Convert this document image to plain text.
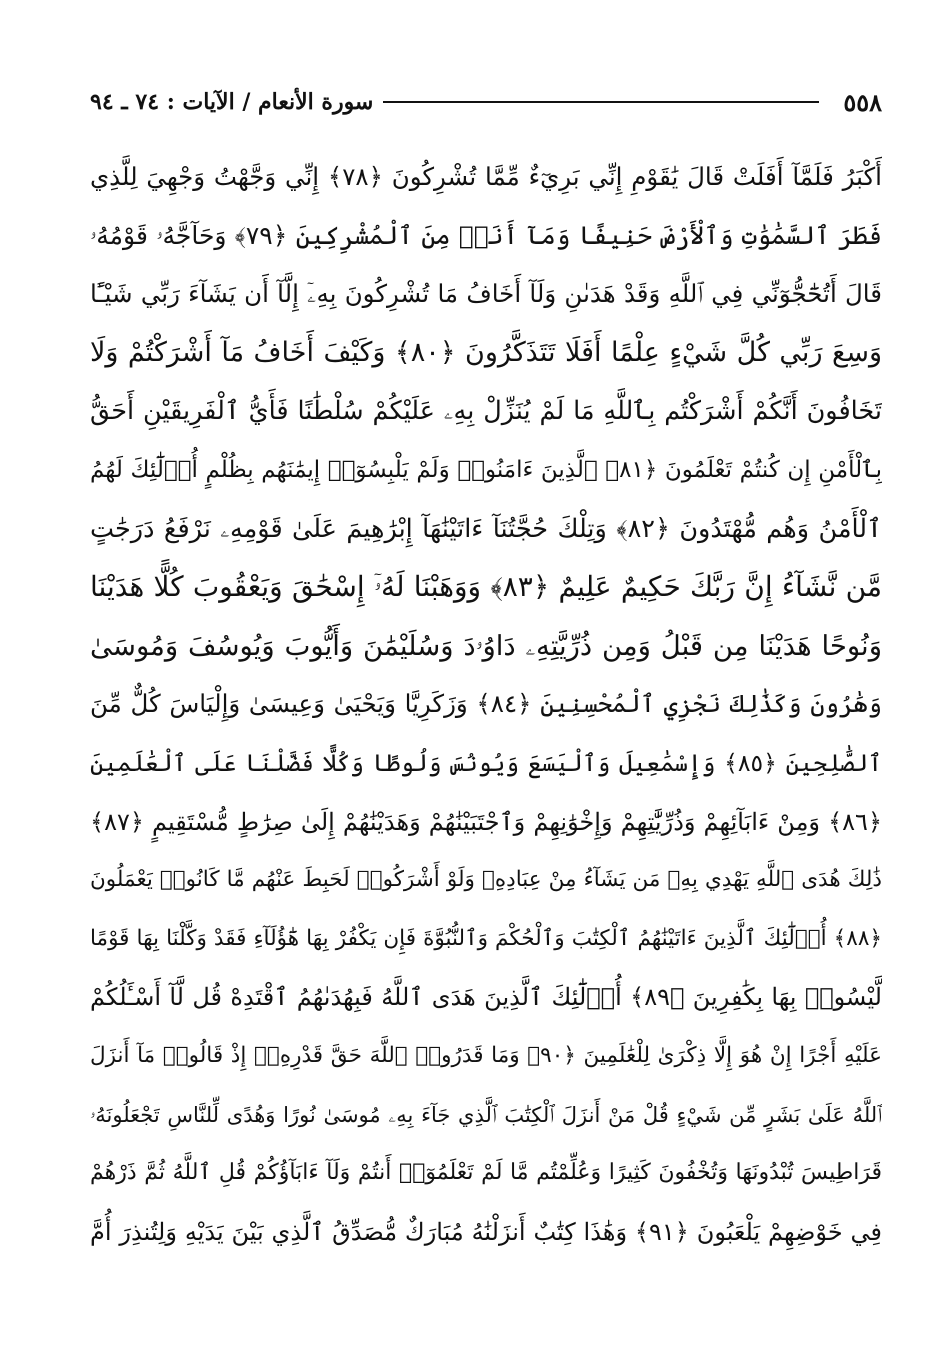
٥٥٨
سورة الأنعام / الآيات : ٧٤ ـ ٩٤
أَكْبَرُ فَلَمَّآ أَفَلَتْ قَالَ يَٰقَوْمِ إِنِّي بَرِيٓءٌ مِّمَّا تُشْرِكُونَ ﴿٧٨﴾ إِنِّي وَجَّهْتُ وَجْهِيَ لِلَّذِي
فَطَرَ ٱلسَّمَٰوَٰتِ وَٱلْأَرْضَ حَنِيفًا وَمَآ أَنَا۠ مِنَ ٱلْمُشْرِكِينَ ﴿٧٩﴾ وَحَآجَّهُۥ قَوْمُهُۥ
قَالَ أَتُحَٰٓجُّوٓنِّي فِي ٱللَّهِ وَقَدْ هَدَىٰنِ وَلَآ أَخَافُ مَا تُشْرِكُونَ بِهِۦٓ إِلَّآ أَن يَشَآءَ رَبِّي شَيْـًٔا
وَسِعَ رَبِّي كُلَّ شَيْءٍ عِلْمًا أَفَلَا تَتَذَكَّرُونَ ﴿٨٠﴾ وَكَيْفَ أَخَافُ مَآ أَشْرَكْتُمْ وَلَا
تَخَافُونَ أَنَّكُمْ أَشْرَكْتُم بِٱللَّهِ مَا لَمْ يُنَزِّلْ بِهِۦ عَلَيْكُمْ سُلْطَٰنًا فَأَيُّ ٱلْفَرِيقَيْنِ أَحَقُّ
بِٱلْأَمْنِ إِن كُنتُمْ تَعْلَمُونَ ﴿٨١﴾ ٱلَّذِينَ ءَامَنُوا۟ وَلَمْ يَلْبِسُوٓا۟ إِيمَٰنَهُم بِظُلْمٍ أُو۟لَٰٓئِكَ لَهُمُ
ٱلْأَمْنُ وَهُم مُّهْتَدُونَ ﴿٨٢﴾ وَتِلْكَ حُجَّتُنَآ ءَاتَيْنَٰهَآ إِبْرَٰهِيمَ عَلَىٰ قَوْمِهِۦ نَرْفَعُ دَرَجَٰتٍ
مَّن نَّشَآءُ إِنَّ رَبَّكَ حَكِيمٌ عَلِيمٌ ﴿٨٣﴾ وَوَهَبْنَا لَهُۥٓ إِسْحَٰقَ وَيَعْقُوبَ كُلًّا هَدَيْنَا
وَنُوحًا هَدَيْنَا مِن قَبْلُ وَمِن ذُرِّيَّتِهِۦ دَاوُۥدَ وَسُلَيْمَٰنَ وَأَيُّوبَ وَيُوسُفَ وَمُوسَىٰ
وَهَٰرُونَ وَكَذَٰلِكَ نَجْزِي ٱلْمُحْسِنِينَ ﴿٨٤﴾ وَزَكَرِيَّا وَيَحْيَىٰ وَعِيسَىٰ وَإِلْيَاسَ كُلٌّ مِّنَ
ٱلصَّٰلِحِينَ ﴿٨٥﴾ وَإِسْمَٰعِيلَ وَٱلْيَسَعَ وَيُونُسَ وَلُوطًا وَكُلًّا فَضَّلْنَا عَلَى ٱلْعَٰلَمِينَ
﴿٨٦﴾ وَمِنْ ءَابَآئِهِمْ وَذُرِّيَّٰتِهِمْ وَإِخْوَٰنِهِمْ وَٱجْتَبَيْنَٰهُمْ وَهَدَيْنَٰهُمْ إِلَىٰ صِرَٰطٍ مُّسْتَقِيمٍ ﴿٨٧﴾
ذَٰلِكَ هُدَى ٱللَّهِ يَهْدِي بِهِۦ مَن يَشَآءُ مِنْ عِبَادِهِۦ وَلَوْ أَشْرَكُوا۟ لَحَبِطَ عَنْهُم مَّا كَانُوا۟ يَعْمَلُونَ
﴿٨٨﴾ أُو۟لَٰٓئِكَ ٱلَّذِينَ ءَاتَيْنَٰهُمُ ٱلْكِتَٰبَ وَٱلْحُكْمَ وَٱلنُّبُوَّةَ فَإِن يَكْفُرْ بِهَا هَٰٓؤُلَآءِ فَقَدْ وَكَّلْنَا بِهَا قَوْمًا
لَّيْسُوا۟ بِهَا بِكَٰفِرِينَ ﴿٨٩﴾ أُو۟لَٰٓئِكَ ٱلَّذِينَ هَدَى ٱللَّهُ فَبِهُدَىٰهُمُ ٱقْتَدِهْ قُل لَّآ أَسْـَٔلُكُمْ
عَلَيْهِ أَجْرًا إِنْ هُوَ إِلَّا ذِكْرَىٰ لِلْعَٰلَمِينَ ﴿٩٠﴾ وَمَا قَدَرُوا۟ ٱللَّهَ حَقَّ قَدْرِهِۦٓ إِذْ قَالُوا۟ مَآ أَنزَلَ
ٱللَّهُ عَلَىٰ بَشَرٍ مِّن شَيْءٍ قُلْ مَنْ أَنزَلَ ٱلْكِتَٰبَ ٱلَّذِي جَآءَ بِهِۦ مُوسَىٰ نُورًا وَهُدًى لِّلنَّاسِ تَجْعَلُونَهُۥ
قَرَاطِيسَ تُبْدُونَهَا وَتُخْفُونَ كَثِيرًا وَعُلِّمْتُم مَّا لَمْ تَعْلَمُوٓا۟ أَنتُمْ وَلَآ ءَابَآؤُكُمْ قُلِ ٱللَّهُ ثُمَّ ذَرْهُمْ
فِي خَوْضِهِمْ يَلْعَبُونَ ﴿٩١﴾ وَهَٰذَا كِتَٰبٌ أَنزَلْنَٰهُ مُبَارَكٌ مُّصَدِّقُ ٱلَّذِي بَيْنَ يَدَيْهِ وَلِتُنذِرَ أُمَّ
